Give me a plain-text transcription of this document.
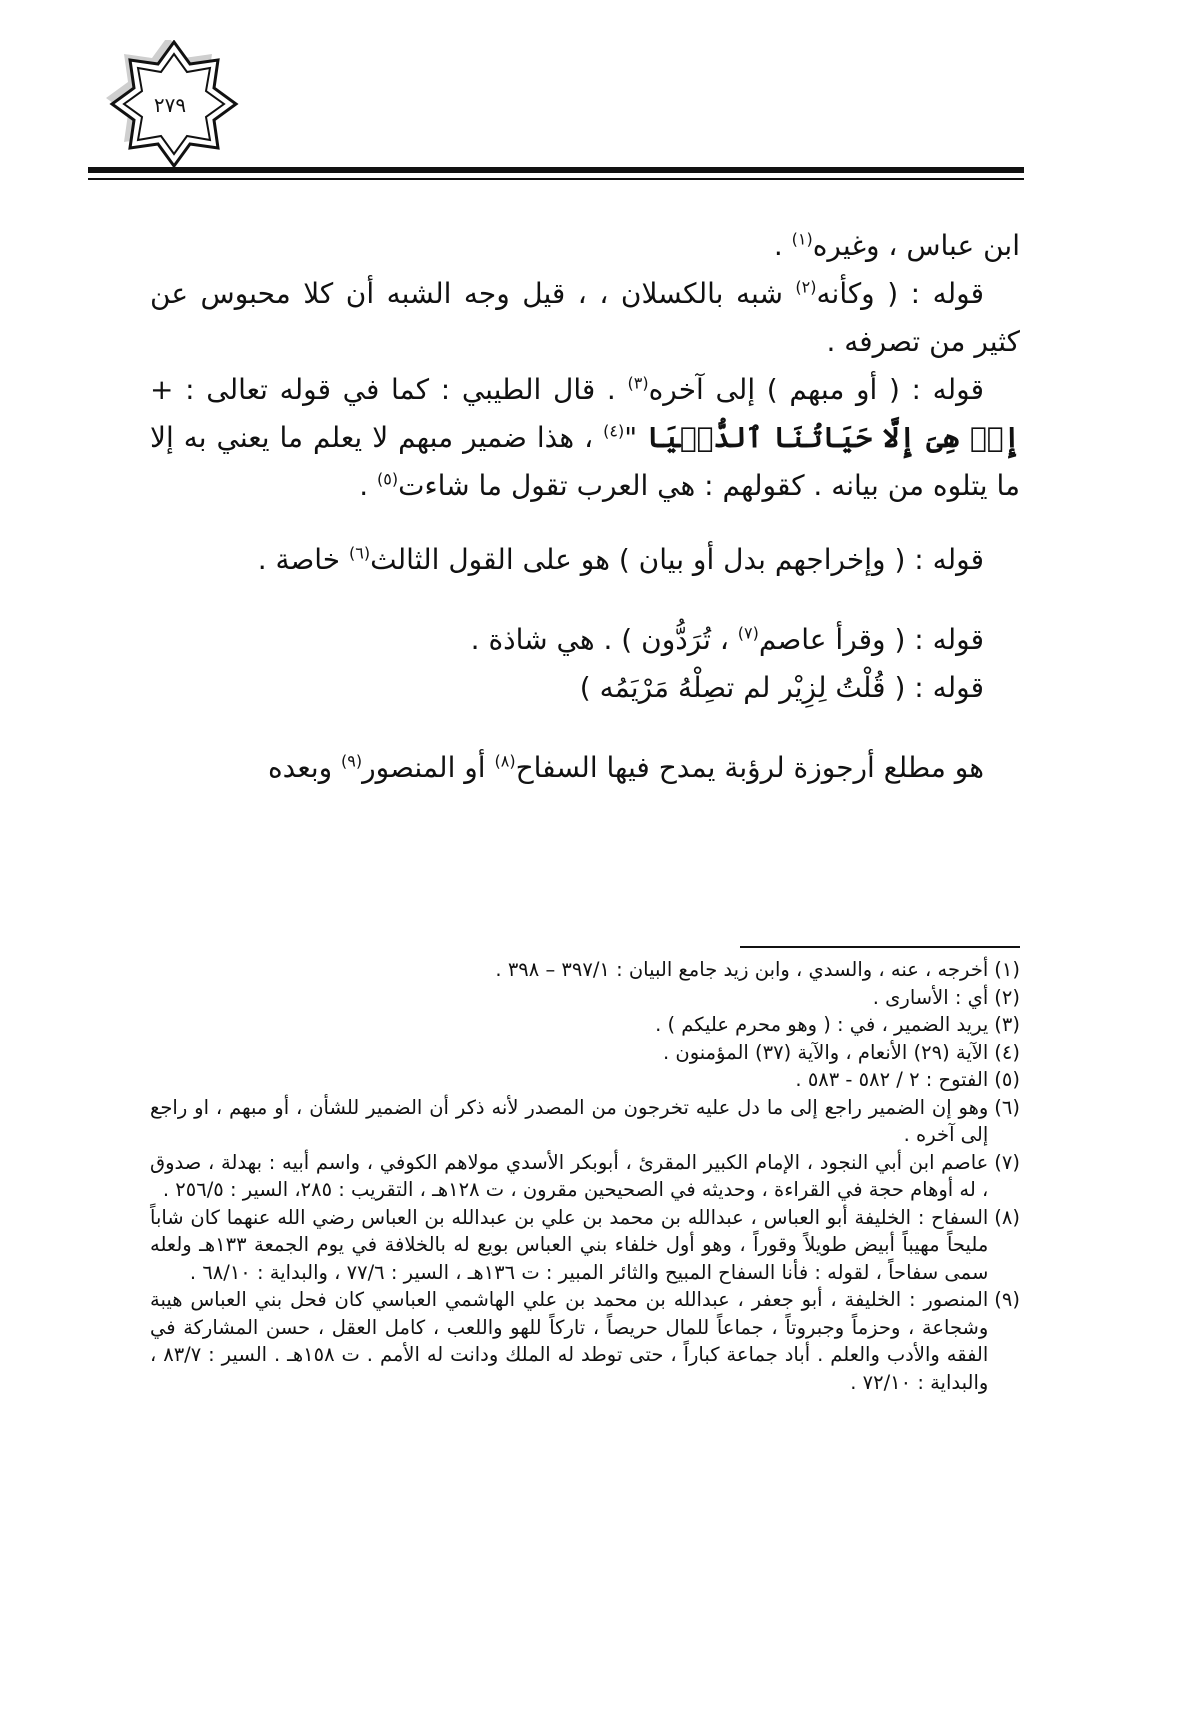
٢٧٩

ابن عباس ، وغيره$^{(١)}$ .

قوله : ( وكأنه$^{(٢)}$ شبه بالكسلان ، ، قيل وجه الشبه أن كلا محبوس عن كثير من تصرفه .

قوله : ( أو مبهم ) إلى آخره$^{(٣)}$ . قال الطيبي : كما في قوله تعالى : + إِنۡ هِىَ إِلَّا حَيَاتُنَا ٱلدُّنۡيَا "$^{(٤)}$ ، هذا ضمير مبهم لا يعلم ما يعني به إلا ما يتلوه من بيانه . كقولهم : هي العرب تقول ما شاءت$^{(٥)}$ .

قوله : ( وإخراجهم بدل أو بيان ) هو على القول الثالث$^{(٦)}$ خاصة .

قوله : ( وقرأ عاصم$^{(٧)}$ ، تُرَدُّون ) . هي شاذة .

قوله : ( قُلْتُ لِزِيْر لم تصِلْهُ مَرْيَمُه )

هو مطلع أرجوزة لرؤبة يمدح فيها السفاح$^{(٨)}$ أو المنصور$^{(٩)}$ وبعده

(١)
أخرجه ، عنه ، والسدي ، وابن زيد جامع البيان : ٣٩٧/١ – ٣٩٨ .
(٢)
أي : الأسارى .
(٣)
يريد الضمير ، في : ( وهو محرم عليكم ) .
(٤)
الآية (٢٩) الأنعام ، والآية (٣٧) المؤمنون .
(٥)
الفتوح : ٢ / ٥٨٢ - ٥٨٣ .
(٦)
وهو إن الضمير راجع إلى ما دل عليه تخرجون من المصدر لأنه ذكر أن الضمير للشأن ، أو مبهم ، او راجع إلى آخره .
(٧)
عاصم ابن أبي النجود ، الإمام الكبير المقرئ ، أبوبكر الأسدي مولاهم الكوفي ، واسم أبيه : بهدلة ، صدوق ، له أوهام حجة في القراءة ، وحديثه في الصحيحين مقرون ، ت ١٢٨هـ ، التقريب : ٢٨٥، السير : ٢٥٦/٥ .
(٨)
السفاح : الخليفة أبو العباس ، عبدالله بن محمد بن علي بن عبدالله بن العباس رضي الله عنهما كان شاباً مليحاً مهيباً أبيض طويلاً وقوراً ، وهو أول خلفاء بني العباس بويع له بالخلافة في يوم الجمعة ١٣٣هـ ولعله سمى سفاحاً ، لقوله : فأنا السفاح المبيح والثائر المبير : ت ١٣٦هـ ، السير : ٧٧/٦ ، والبداية : ٦٨/١٠ .
(٩)
المنصور : الخليفة ، أبو جعفر ، عبدالله بن محمد بن علي الهاشمي العباسي كان فحل بني العباس هيبة وشجاعة ، وحزماً وجبروتاً ، جماعاً للمال حريصاً ، تاركاً للهو واللعب ، كامل العقل ، حسن المشاركة في الفقه والأدب والعلم . أباد جماعة كباراً ، حتى توطد له الملك ودانت له الأمم . ت ١٥٨هـ . السير : ٨٣/٧ ، والبداية : ٧٢/١٠ .
